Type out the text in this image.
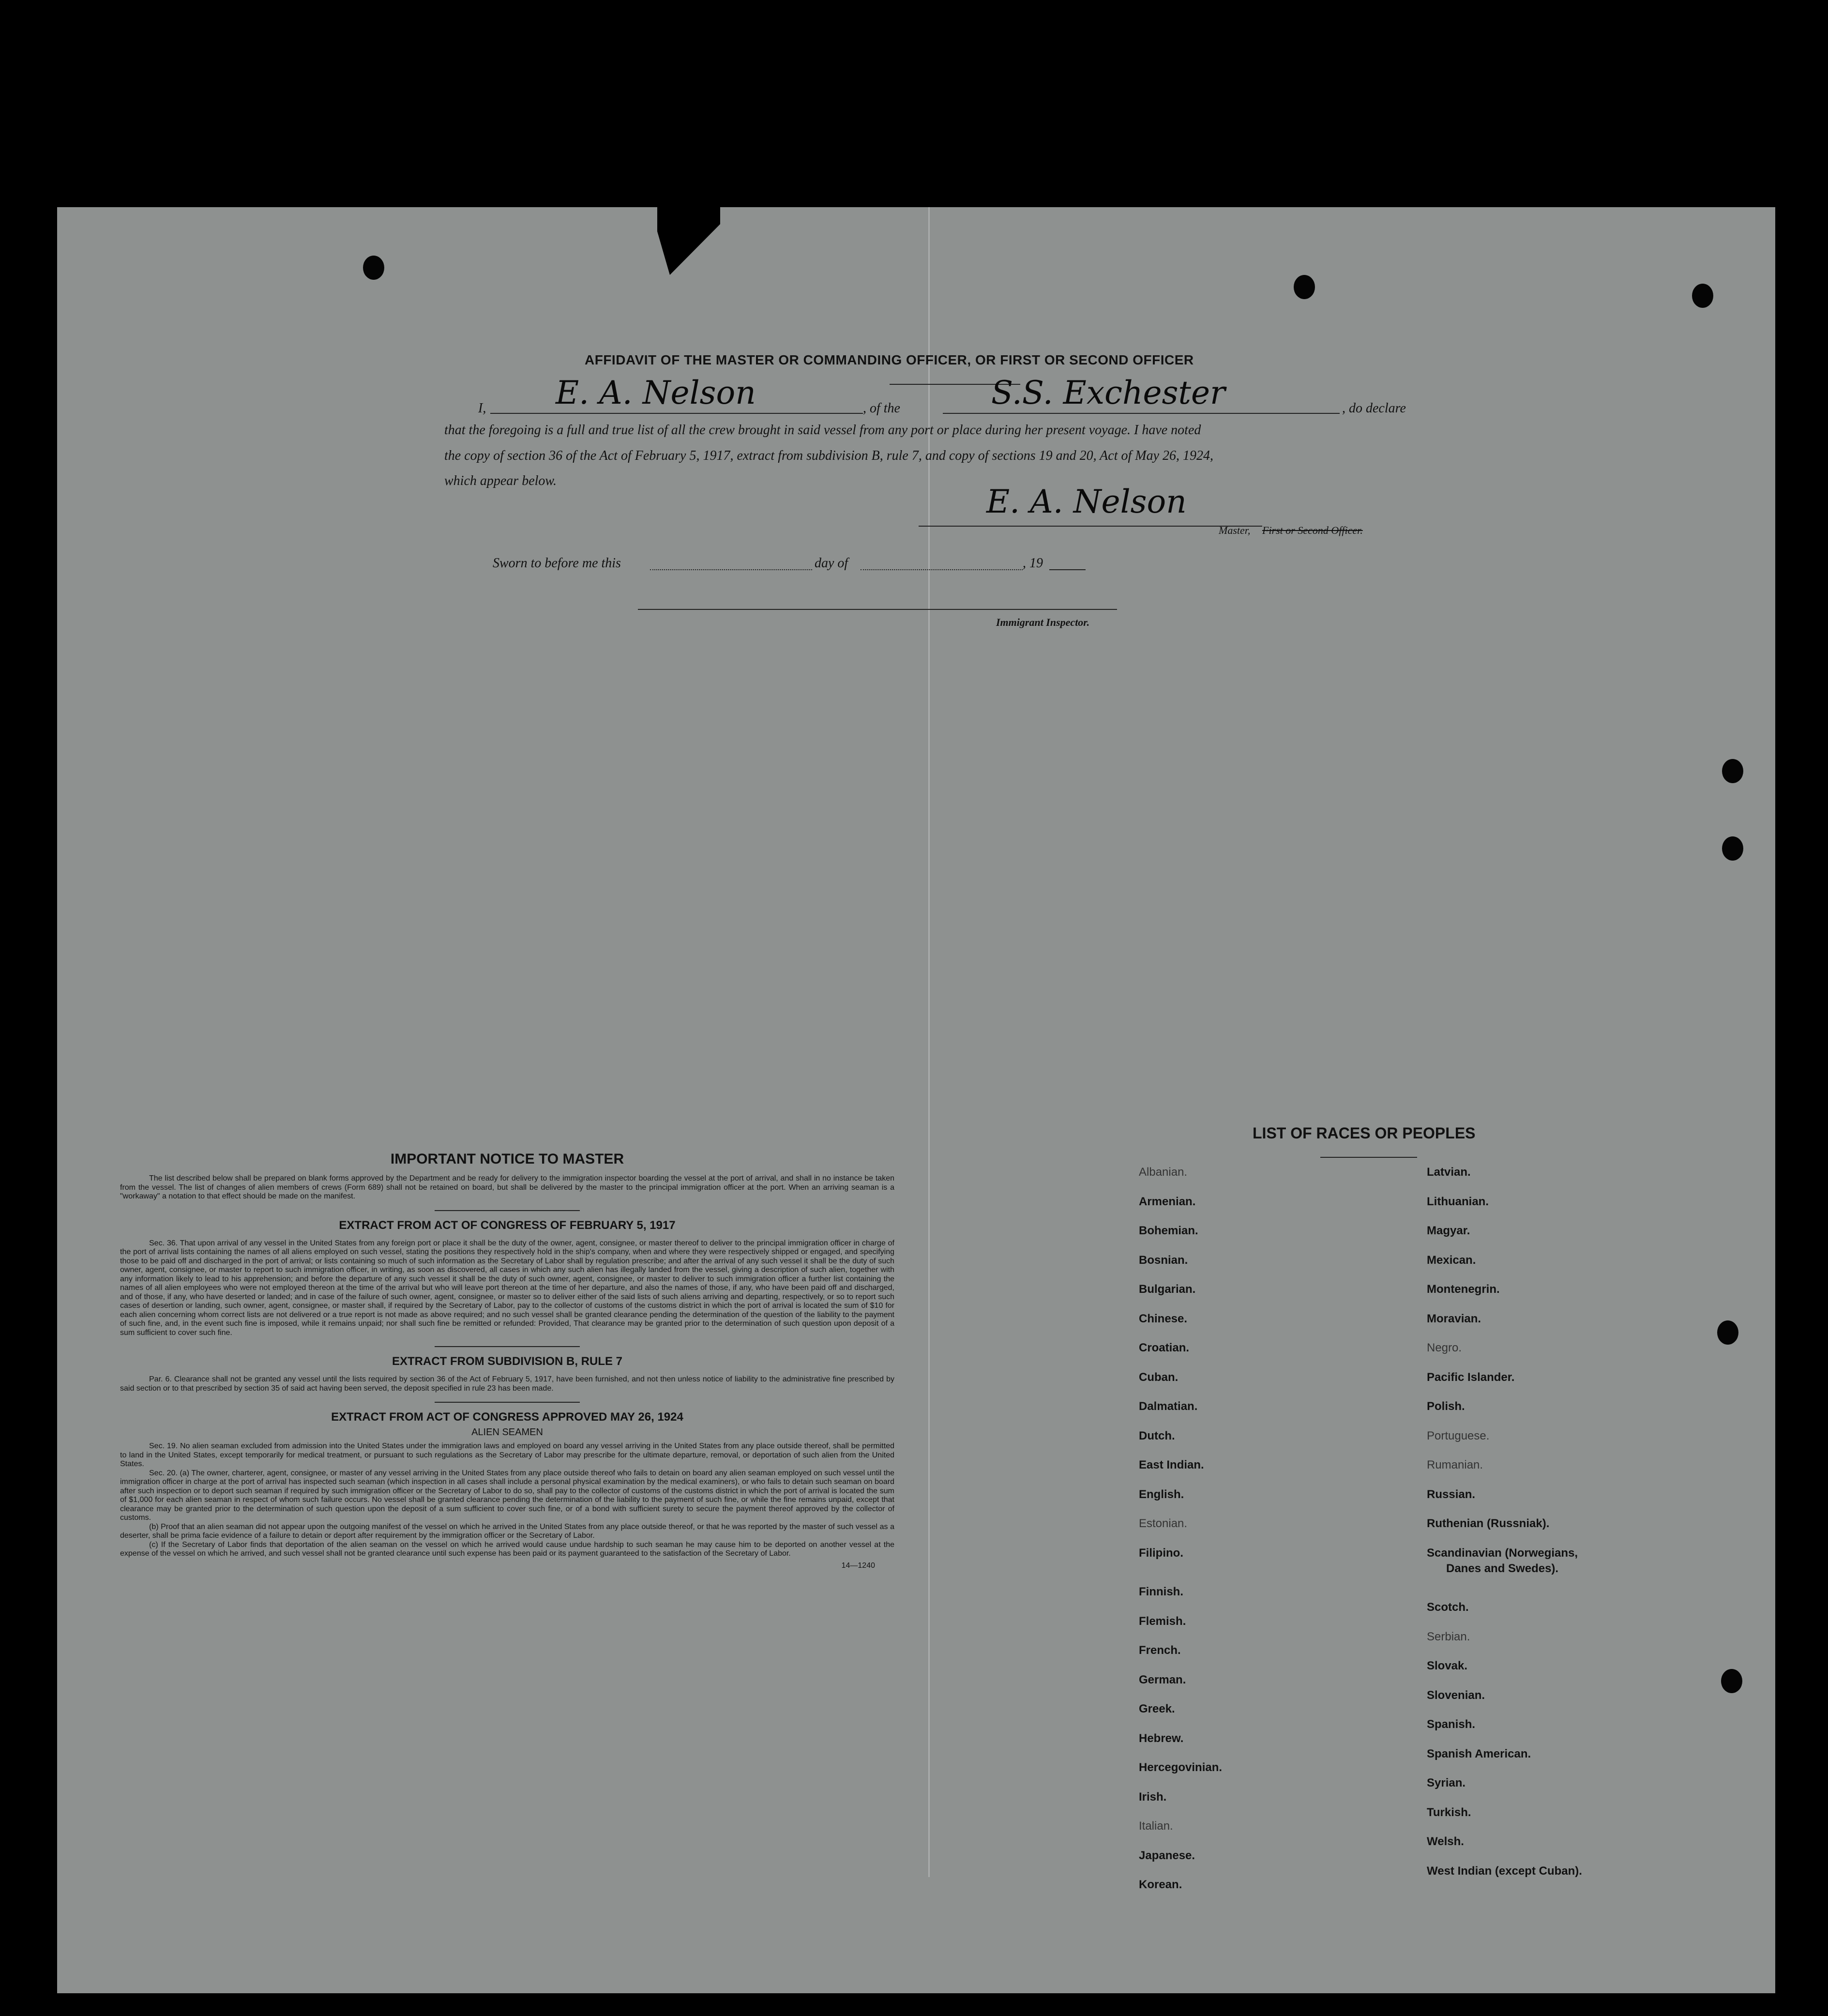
AFFIDAVIT OF THE MASTER OR COMMANDING OFFICER, OR FIRST OR SECOND OFFICER
I, E. A. Nelson	, of the	S.S. Exchester	, do declare
that the foregoing is a full and true list of all the crew brought in said vessel from any port or place during her present voyage. I have noted
the copy of section 36 of the Act of February 5, 1917, extract from subdivision B, rule 7, and copy of sections 19 and 20, Act of May 26, 1924,
which appear below.
E. A. Nelson
Master, First or Second Officer.
Sworn to before me this	day of	, 19
Immigrant Inspector.
IMPORTANT NOTICE TO MASTER
The list described below shall be prepared on blank forms approved by the Department and be ready for delivery to the immigration inspector boarding the vessel at the port of arrival, and shall in no instance be taken from the vessel. The list of changes of alien members of crews (Form 689) shall not be retained on board, but shall be delivered by the master to the principal immigration officer at the port. When an arriving seaman is a "workaway" a notation to that effect should be made on the manifest.
EXTRACT FROM ACT OF CONGRESS OF FEBRUARY 5, 1917
Sec. 36. That upon arrival of any vessel in the United States from any foreign port or place it shall be the duty of the owner, agent, consignee, or master thereof to deliver to the principal immigration officer in charge of the port of arrival lists containing the names of all aliens employed on such vessel, stating the positions they respectively hold in the ship's company, when and where they were respectively shipped or engaged, and specifying those to be paid off and discharged in the port of arrival; or lists containing so much of such information as the Secretary of Labor shall by regulation prescribe; and after the arrival of any such vessel it shall be the duty of such owner, agent, consignee, or master to report to such immigration officer, in writing, as soon as discovered, all cases in which any such alien has illegally landed from the vessel, giving a description of such alien, together with any information likely to lead to his apprehension; and before the departure of any such vessel it shall be the duty of such owner, agent, consignee, or master to deliver to such immigration officer a further list containing the names of all alien employees who were not employed thereon at the time of the arrival but who will leave port thereon at the time of her departure, and also the names of those, if any, who have been paid off and discharged, and of those, if any, who have deserted or landed; and in case of the failure of such owner, agent, consignee, or master so to deliver either of the said lists of such aliens arriving and departing, respectively, or so to report such cases of desertion or landing, such owner, agent, consignee, or master shall, if required by the Secretary of Labor, pay to the collector of customs of the customs district in which the port of arrival is located the sum of $10 for each alien concerning whom correct lists are not delivered or a true report is not made as above required; and no such vessel shall be granted clearance pending the determination of the question of the liability to the payment of such fine, and, in the event such fine is imposed, while it remains unpaid; nor shall such fine be remitted or refunded: Provided, That clearance may be granted prior to the determination of such question upon deposit of a sum sufficient to cover such fine.
EXTRACT FROM SUBDIVISION B, RULE 7
Par. 6. Clearance shall not be granted any vessel until the lists required by section 36 of the Act of February 5, 1917, have been furnished, and not then unless notice of liability to the administrative fine prescribed by said section or to that prescribed by section 35 of said act having been served, the deposit specified in rule 23 has been made.
EXTRACT FROM ACT OF CONGRESS APPROVED MAY 26, 1924
ALIEN SEAMEN
Sec. 19. No alien seaman excluded from admission into the United States under the immigration laws and employed on board any vessel arriving in the United States from any place outside thereof, shall be permitted to land in the United States, except temporarily for medical treatment, or pursuant to such regulations as the Secretary of Labor may prescribe for the ultimate departure, removal, or deportation of such alien from the United States.
Sec. 20. (a) The owner, charterer, agent, consignee, or master of any vessel arriving in the United States from any place outside thereof who fails to detain on board any alien seaman employed on such vessel until the immigration officer in charge at the port of arrival has inspected such seaman (which inspection in all cases shall include a personal physical examination by the medical examiners), or who fails to detain such seaman on board after such inspection or to deport such seaman if required by such immigration officer or the Secretary of Labor to do so, shall pay to the collector of customs of the customs district in which the port of arrival is located the sum of $1,000 for each alien seaman in respect of whom such failure occurs. No vessel shall be granted clearance pending the determination of the liability to the payment of such fine, or while the fine remains unpaid, except that clearance may be granted prior to the determination of such question upon the deposit of a sum sufficient to cover such fine, or of a bond with sufficient surety to secure the payment thereof approved by the collector of customs.
(b) Proof that an alien seaman did not appear upon the outgoing manifest of the vessel on which he arrived in the United States from any place outside thereof, or that he was reported by the master of such vessel as a deserter, shall be prima facie evidence of a failure to detain or deport after requirement by the immigration officer or the Secretary of Labor.
(c) If the Secretary of Labor finds that deportation of the alien seaman on the vessel on which he arrived would cause undue hardship to such seaman he may cause him to be deported on another vessel at the expense of the vessel on which he arrived, and such vessel shall not be granted clearance until such expense has been paid or its payment guaranteed to the satisfaction of the Secretary of Labor.
14—1240
LIST OF RACES OR PEOPLES
Albanian.
Armenian.
Bohemian.
Bosnian.
Bulgarian.
Chinese.
Croatian.
Cuban.
Dalmatian.
Dutch.
East Indian.
English.
Estonian.
Filipino.
Finnish.
Flemish.
French.
German.
Greek.
Hebrew.
Hercegovinian.
Irish.
Italian.
Japanese.
Korean.
Latvian.
Lithuanian.
Magyar.
Mexican.
Montenegrin.
Moravian.
Negro.
Pacific Islander.
Polish.
Portuguese.
Rumanian.
Russian.
Ruthenian (Russniak).
Scandinavian (Norwegians,
Danes and Swedes).
Scotch.
Serbian.
Slovak.
Slovenian.
Spanish.
Spanish American.
Syrian.
Turkish.
Welsh.
West Indian (except Cuban).
